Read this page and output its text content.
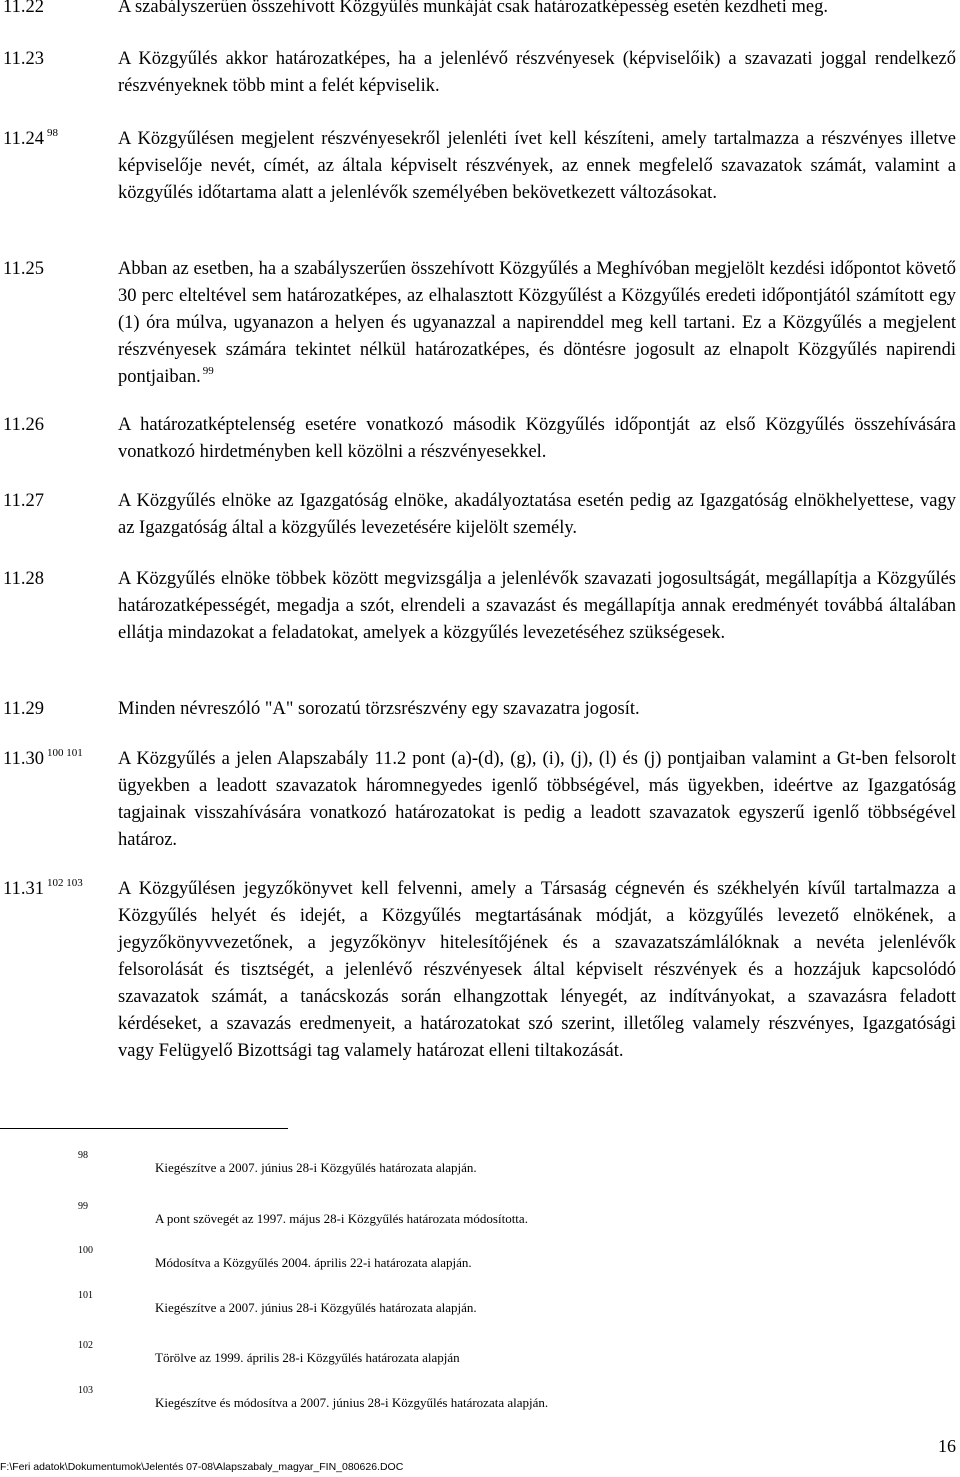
11.22	A szabályszerűen összehívott Közgyűlés munkáját csak határozatképesség esetén kezdheti meg.
11.23	A Közgyűlés akkor határozatképes, ha a jelenlévő részvényesek (képviselőik) a szavazati joggal rendelkező részvényeknek több mint a felét képviselik.
11.24 $^{98}$	A Közgyűlésen megjelent részvényesekről jelenléti ívet kell készíteni, amely tartalmazza a részvényes illetve képviselője nevét, címét, az általa képviselt részvények, az ennek megfelelő szavazatok számát, valamint a közgyűlés időtartama alatt a jelenlévők személyében bekövetkezett változásokat.
11.25	Abban az esetben, ha a szabályszerűen összehívott Közgyűlés a Meghívóban megjelölt kezdési időpontot követő 30 perc elteltével sem határozatképes, az elhalasztott Közgyűlést a Közgyűlés eredeti időpontjától számított egy (1) óra múlva, ugyanazon a helyen és ugyanazzal a napirenddel meg kell tartani. Ez a Közgyűlés a megjelent részvényesek számára tekintet nélkül határozatképes, és döntésre jogosult az elnapolt Közgyűlés napirendi pontjaiban. $^{99}$
11.26	A határozatképtelenség esetére vonatkozó második Közgyűlés időpontját az első Közgyűlés összehívására vonatkozó hirdetményben kell közölni a részvényesekkel.
11.27	A Közgyűlés elnöke az Igazgatóság elnöke, akadályoztatása esetén pedig az Igazgatóság elnökhelyettese, vagy az Igazgatóság által a közgyűlés levezetésére kijelölt személy.
11.28	A Közgyűlés elnöke többek között megvizsgálja a jelenlévők szavazati jogosultságát, megállapítja a Közgyűlés határozatképességét, megadja a szót, elrendeli a szavazást és megállapítja annak eredményét továbbá általában ellátja mindazokat a feladatokat, amelyek a közgyűlés levezetéséhez szükségesek.
11.29	Minden névreszóló "A" sorozatú törzsrészvény egy szavazatra jogosít.
11.30 $^{100 101}$ A Közgyűlés a jelen Alapszabály 11.2 pont (a)-(d), (g), (i), (j), (l) és (j) pontjaiban valamint a Gt-ben felsorolt ügyekben a leadott szavazatok háromnegyedes igenlő többségével, más ügyekben, ideértve az Igazgatóság tagjainak visszahívására vonatkozó határozatokat is pedig a leadott szavazatok egyszerű igenlő többségével határoz.
11.31 $^{102 103}$ A Közgyűlésen jegyzőkönyvet kell felvenni, amely a Társaság cégnevén és székhelyén kívűl tartalmazza a Közgyűlés helyét és idejét, a Közgyűlés megtartásának módját, a közgyűlés levezető elnökének, a jegyzőkönyvvezetőnek, a jegyzőkönyv hitelesítőjének és a szavazatszámlálóknak a nevéta jelenlévők felsorolását és tisztségét, a jelenlévő részvényesek által képviselt részvények és a hozzájuk kapcsolódó szavazatok számát, a tanácskozás során elhangzottak lényegét, az indítványokat, a szavazásra feladott kérdéseket, a szavazás eredmenyeit, a határozatokat szó szerint, illetőleg valamely részvényes, Igazgatósági vagy Felügyelő Bizottsági tag valamely határozat elleni tiltakozását.
98
Kiegészítve a 2007. június 28-i Közgyűlés határozata alapján.
99
A pont szövegét az 1997. május 28-i Közgyűlés határozata módosította.
100
Módosítva a Közgyűlés 2004. április 22-i határozata alapján.
101
Kiegészítve a 2007. június 28-i Közgyűlés határozata alapján.
102
Törölve az 1999. április 28-i Közgyűlés határozata alapján
103
Kiegészítve és módosítva a 2007. június 28-i Közgyűlés határozata alapján.
F:\Feri adatok\Dokumentumok\Jelentés 07-08\Alapszabaly_magyar_FIN_080626.DOC
16
